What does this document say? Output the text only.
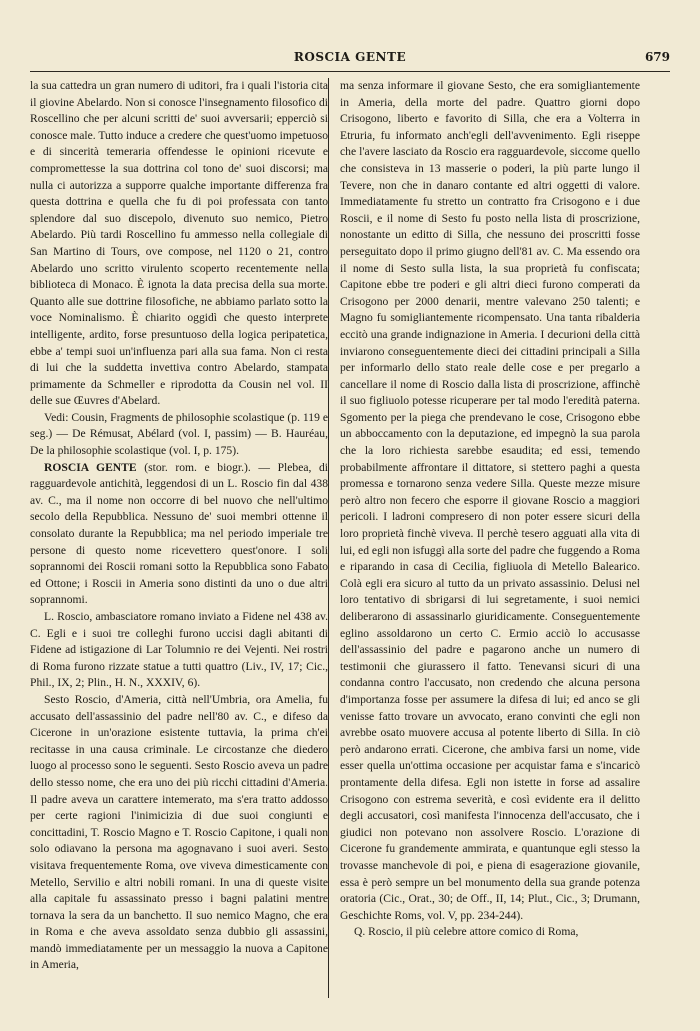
ROSCIA GENTE	679

la sua cattedra un gran numero di uditori, fra i quali l'istoria cita il giovine Abelardo. Non si conosce l'insegnamento filosofico di Roscellino che per alcuni scritti de' suoi avversarii; epperciò si conosce male. Tutto induce a credere che quest'uomo impetuoso e di sincerità temeraria offendesse le opinioni ricevute e compromettesse la sua dottrina col tono de' suoi discorsi; ma nulla ci autorizza a supporre qualche importante differenza fra questa dottrina e quella che fu di poi professata con tanto splendore dal suo discepolo, divenuto suo nemico, Pietro Abelardo. Più tardi Roscellino fu ammesso nella collegiale di San Martino di Tours, ove compose, nel 1120 o 21, contro Abelardo uno scritto virulento scoperto recentemente nella biblioteca di Monaco. È ignota la data precisa della sua morte. Quanto alle sue dottrine filosofiche, ne abbiamo parlato sotto la voce Nominalismo. È chiarito oggidì che questo interprete intelligente, ardito, forse presuntuoso della logica peripatetica, ebbe a' tempi suoi un'influenza pari alla sua fama. Non ci resta di lui che la suddetta invettiva contro Abelardo, stampata primamente da Schmeller e riprodotta da Cousin nel vol. II delle sue Œuvres d'Abelard.

Vedi: Cousin, Fragments de philosophie scolastique (p. 119 e seg.) — De Rémusat, Abélard (vol. I, passim) — B. Hauréau, De la philosophie scolastique (vol. I, p. 175).

ROSCIA GENTE (stor. rom. e biogr.). — Plebea, di ragguardevole antichità, leggendosi di un L. Roscio fin dal 438 av. C., ma il nome non occorre di bel nuovo che nell'ultimo secolo della Repubblica. Nessuno de' suoi membri ottenne il consolato durante la Repubblica; ma nel periodo imperiale tre persone di questo nome ricevettero quest'onore. I soli soprannomi dei Roscii romani sotto la Repubblica sono Fabato ed Ottone; i Roscii in Ameria sono distinti da uno o due altri soprannomi.

L. Roscio, ambasciatore romano inviato a Fidene nel 438 av. C. Egli e i suoi tre colleghi furono uccisi dagli abitanti di Fidene ad istigazione di Lar Tolumnio re dei Vejenti. Nei rostri di Roma furono rizzate statue a tutti quattro (Liv., IV, 17; Cic., Phil., IX, 2; Plin., H. N., XXXIV, 6).

Sesto Roscio, d'Ameria, città nell'Umbria, ora Amelia, fu accusato dell'assassinio del padre nell'80 av. C., e difeso da Cicerone in un'orazione esistente tuttavia, la prima ch'ei recitasse in una causa criminale. Le circostanze che diedero luogo al processo sono le seguenti. Sesto Roscio aveva un padre dello stesso nome, che era uno dei più ricchi cittadini d'Ameria. Il padre aveva un carattere intemerato, ma s'era tratto addosso per certe ragioni l'inimicizia di due suoi congiunti e concittadini, T. Roscio Magno e T. Roscio Capitone, i quali non solo odiavano la persona ma agognavano i suoi averi. Sesto visitava frequentemente Roma, ove viveva dimesticamente con Metello, Servilio e altri nobili romani. In una di queste visite alla capitale fu assassinato presso i bagni palatini mentre tornava la sera da un banchetto. Il suo nemico Magno, che era in Roma e che aveva assoldato senza dubbio gli assassini, mandò immediatamente per un messaggio la nuova a Capitone in Ameria,

ma senza informare il giovane Sesto, che era somigliantemente in Ameria, della morte del padre. Quattro giorni dopo Crisogono, liberto e favorito di Silla, che era a Volterra in Etruria, fu informato anch'egli dell'avvenimento. Egli riseppe che l'avere lasciato da Roscio era ragguardevole, siccome quello che consisteva in 13 masserie o poderi, la più parte lungo il Tevere, non che in danaro contante ed altri oggetti di valore. Immediatamente fu stretto un contratto fra Crisogono e i due Roscii, e il nome di Sesto fu posto nella lista di proscrizione, nonostante un editto di Silla, che nessuno dei proscritti fosse perseguitato dopo il primo giugno dell'81 av. C. Ma essendo ora il nome di Sesto sulla lista, la sua proprietà fu confiscata; Capitone ebbe tre poderi e gli altri dieci furono comperati da Crisogono per 2000 denarii, mentre valevano 250 talenti; e Magno fu somigliantemente ricompensato. Una tanta ribalderia eccitò una grande indignazione in Ameria. I decurioni della città inviarono conseguentemente dieci dei cittadini principali a Silla per informarlo dello stato reale delle cose e per pregarlo a cancellare il nome di Roscio dalla lista di proscrizione, affinchè il suo figliuolo potesse ricuperare per tal modo l'eredità paterna. Sgomento per la piega che prendevano le cose, Crisogono ebbe un abboccamento con la deputazione, ed impegnò la sua parola che la loro richiesta sarebbe esaudita; ed essi, temendo probabilmente affrontare il dittatore, si stettero paghi a questa promessa e tornarono senza vedere Silla. Queste mezze misure però altro non fecero che esporre il giovane Roscio a maggiori pericoli. I ladroni compresero di non poter essere sicuri della loro proprietà finchè viveva. Il perchè tesero agguati alla vita di lui, ed egli non isfuggì alla sorte del padre che fuggendo a Roma e riparando in casa di Cecilia, figliuola di Metello Balearico. Colà egli era sicuro al tutto da un privato assassinio. Delusi nel loro tentativo di sbrigarsi di lui segretamente, i suoi nemici deliberarono di assassinarlo giuridicamente. Conseguentemente eglino assoldarono un certo C. Ermio acciò lo accusasse dell'assassinio del padre e pagarono anche un numero di testimonii che giurassero il fatto. Tenevansi sicuri di una condanna contro l'accusato, non credendo che alcuna persona d'importanza fosse per assumere la difesa di lui; ed anco se gli venisse fatto trovare un avvocato, erano convinti che egli non avrebbe osato muovere accusa al potente liberto di Silla. In ciò però andarono errati. Cicerone, che ambiva farsi un nome, vide esser quella un'ottima occasione per acquistar fama e s'incaricò prontamente della difesa. Egli non istette in forse ad assalire Crisogono con estrema severità, e così evidente era il delitto degli accusatori, così manifesta l'innocenza dell'accusato, che i giudici non potevano non assolvere Roscio. L'orazione di Cicerone fu grandemente ammirata, e quantunque egli stesso la trovasse manchevole di poi, e piena di esagerazione giovanile, essa è però sempre un bel monumento della sua grande potenza oratoria (Cic., Orat., 30; de Off., II, 14; Plut., Cic., 3; Drumann, Geschichte Roms, vol. V, pp. 234-244).

Q. Roscio, il più celebre attore comico di Roma,
